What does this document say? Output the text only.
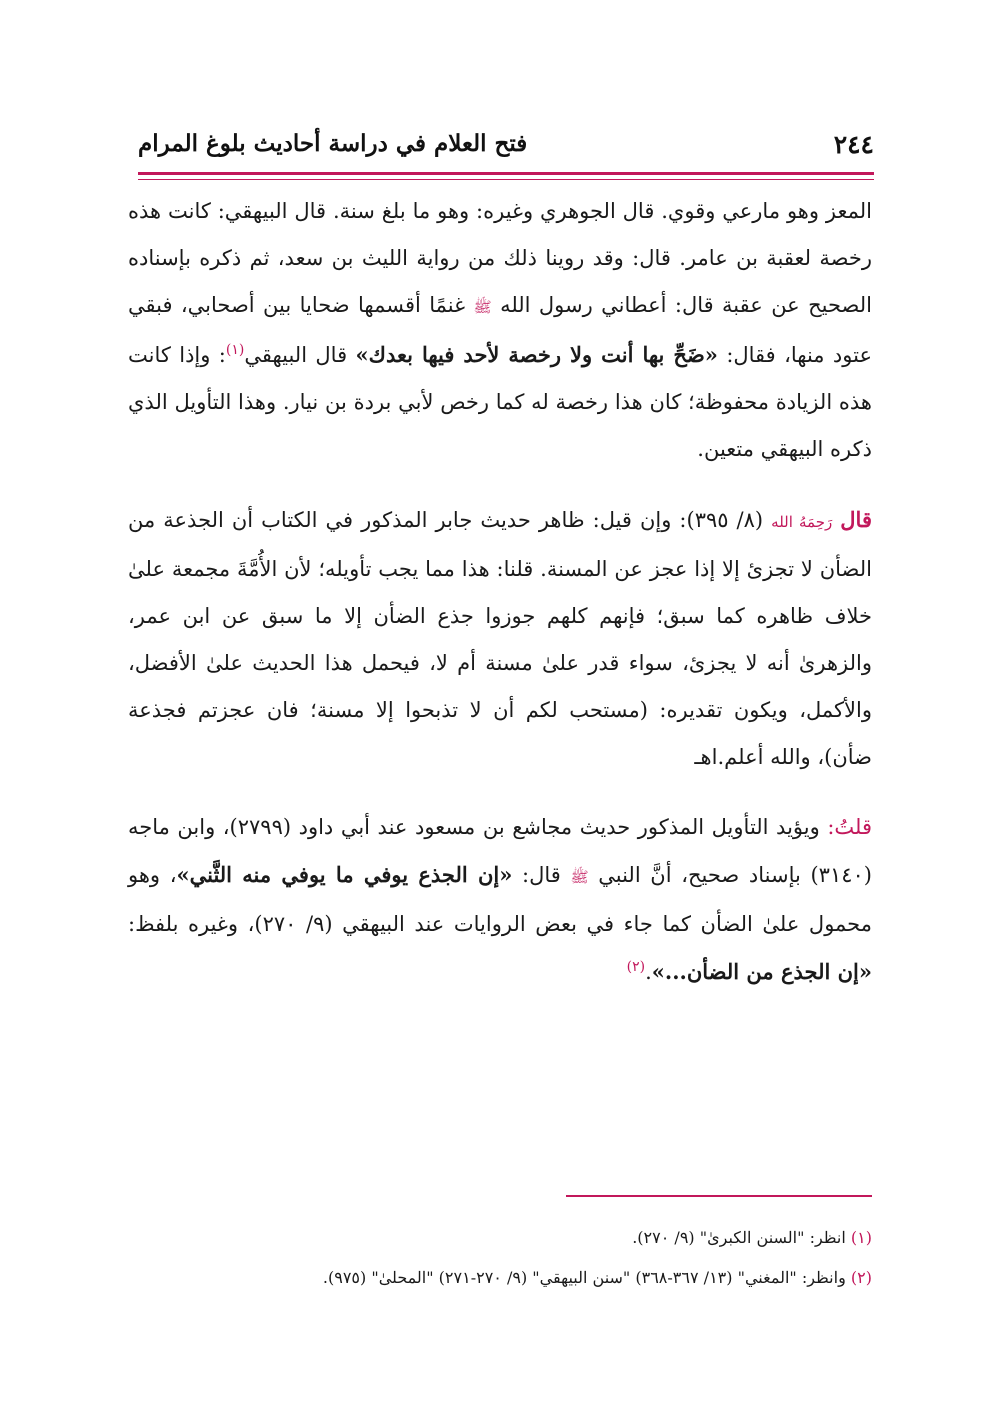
٢٤٤
فتح العلام في دراسة أحاديث بلوغ المرام

المعز وهو مارعي وقوي. قال الجوهري وغيره: وهو ما بلغ سنة. قال البيهقي: كانت هذه رخصة لعقبة بن عامر. قال: وقد روينا ذلك من رواية الليث بن سعد، ثم ذكره بإسناده الصحيح عن عقبة قال: أعطاني رسول الله ﷺ غنمًا أقسمها ضحايا بين أصحابي، فبقي عتود منها، فقال: «ضَحِّ بها أنت ولا رخصة لأحد فيها بعدك» قال البيهقي$^{(١)}$: وإذا كانت هذه الزيادة محفوظة؛ كان هذا رخصة له كما رخص لأبي بردة بن نيار. وهذا التأويل الذي ذكره البيهقي متعين.

قال رَحِمَهُ الله (٨/ ٣٩٥): وإن قيل: ظاهر حديث جابر المذكور في الكتاب أن الجذعة من الضأن لا تجزئ إلا إذا عجز عن المسنة. قلنا: هذا مما يجب تأويله؛ لأن الأُمَّةَ مجمعة علىٰ خلاف ظاهره كما سبق؛ فإنهم كلهم جوزوا جذع الضأن إلا ما سبق عن ابن عمر، والزهرىٰ أنه لا يجزئ، سواء قدر علىٰ مسنة أم لا، فيحمل هذا الحديث علىٰ الأفضل، والأكمل، ويكون تقديره: (مستحب لكم أن لا تذبحوا إلا مسنة؛ فان عجزتم فجذعة ضأن)، والله أعلم.اهـ

قلتُ: ويؤيد التأويل المذكور حديث مجاشع بن مسعود عند أبي داود (٢٧٩٩)، وابن ماجه (٣١٤٠) بإسناد صحيح، أنَّ النبي ﷺ قال: «إن الجذع يوفي ما يوفي منه الثَّني»، وهو محمول علىٰ الضأن كما جاء في بعض الروايات عند البيهقي (٩/ ٢٧٠)، وغيره بلفظ: «إن الجذع من الضأن...».$^{(٢)}$

(١) انظر: "السنن الكبرىٰ" (٩/ ٢٧٠).

(٢) وانظر: "المغني" (١٣/ ٣٦٧-٣٦٨) "سنن البيهقي" (٩/ ٢٧٠-٢٧١) "المحلىٰ" (٩٧٥).
